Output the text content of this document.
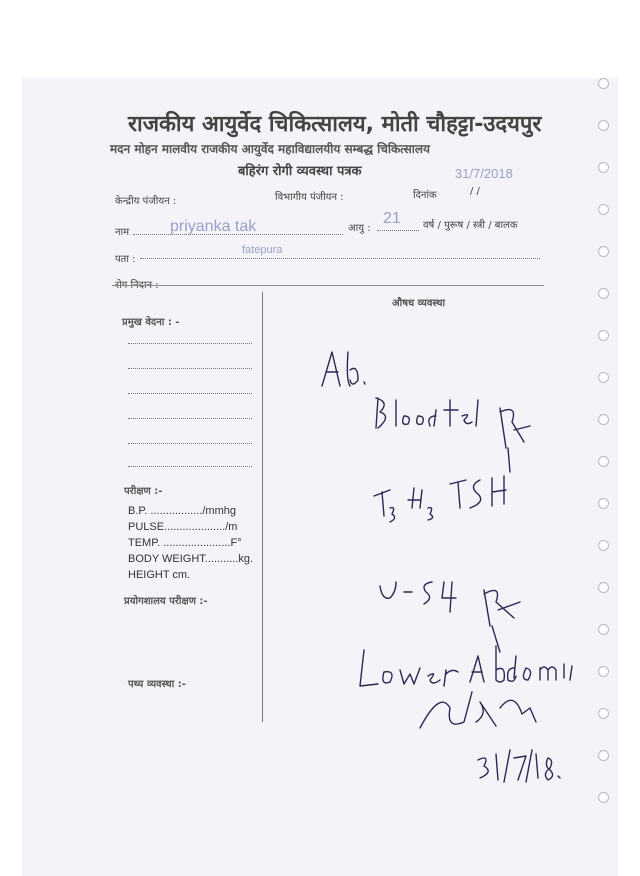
राजकीय आयुर्वेद चिकित्सालय, मोती चौहट्टा-उदयपुर
मदन मोहन मालवीय राजकीय आयुर्वेद महाविद्यालयीय सम्बद्ध चिकित्सालय
बहिरंग रोगी व्यवस्था पत्रक	31/7/2018
केन्द्रीय पंजीयन :	विभागीय पंजीयन :	दिनांक	/ /
नाम	priyanka tak	आयु :
21 वर्ष / पुरूष / स्त्री / बालक
पता :
fatepura
रोग निदान :
प्रमुख वेदना : -
परीक्षण :-
B.P. ................./mmhg
PULSE..................../m
TEMP. ......................F°
BODY WEIGHT...........kg.
HEIGHT cm.
प्रयोगशालय परीक्षण :-
पथ्य व्यवस्था :-
औषध व्यवस्था
